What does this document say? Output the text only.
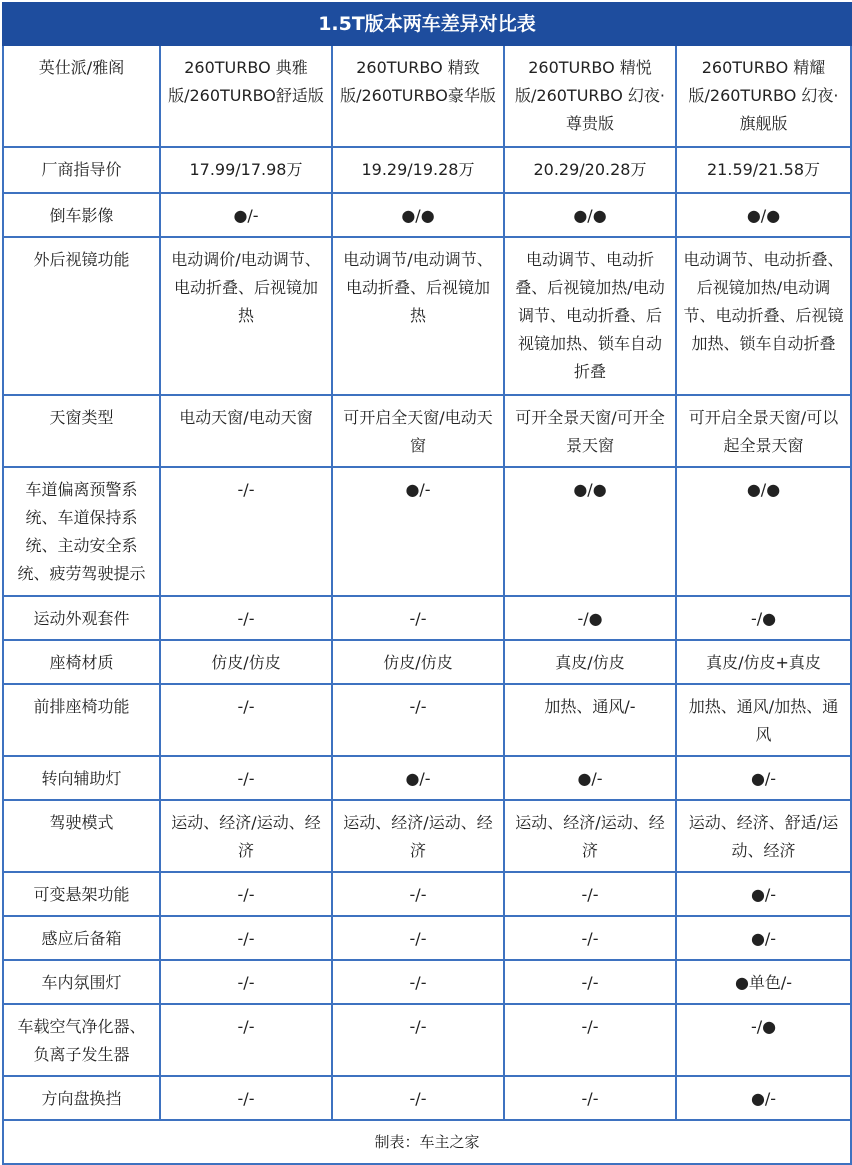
1.5T版本两车差异对比表				
英仕派/雅阁	260TURBO 典雅版/260TURBO舒适版	260TURBO 精致版/260TURBO豪华版	260TURBO 精悦版/260TURBO 幻夜·尊贵版	260TURBO 精耀版/260TURBO 幻夜·旗舰版
厂商指导价	17.99/17.98万	19.29/19.28万	20.29/20.28万	21.59/21.58万
倒车影像	●/-	●/●	●/●	●/●
外后视镜功能	电动调价/电动调节、电动折叠、后视镜加热	电动调节/电动调节、电动折叠、后视镜加热	电动调节、电动折叠、后视镜加热/电动调节、电动折叠、后视镜加热、锁车自动折叠	电动调节、电动折叠、后视镜加热/电动调节、电动折叠、后视镜加热、锁车自动折叠
天窗类型	电动天窗/电动天窗	可开启全天窗/电动天窗	可开全景天窗/可开全景天窗	可开启全景天窗/可以起全景天窗
车道偏离预警系统、车道保持系统、主动安全系统、疲劳驾驶提示	-/-	●/-	●/●	●/●
运动外观套件	-/-	-/-	-/●	-/●
座椅材质	仿皮/仿皮	仿皮/仿皮	真皮/仿皮	真皮/仿皮+真皮
前排座椅功能	-/-	-/-	加热、通风/-	加热、通风/加热、通风
转向辅助灯	-/-	●/-	●/-	●/-
驾驶模式	运动、经济/运动、经济	运动、经济/运动、经济	运动、经济/运动、经济	运动、经济、舒适/运动、经济
可变悬架功能	-/-	-/-	-/-	●/-
感应后备箱	-/-	-/-	-/-	●/-
车内氛围灯	-/-	-/-	-/-	●单色/-
车载空气净化器、负离子发生器	-/-	-/-	-/-	-/●
方向盘换挡	-/-	-/-	-/-	●/-
制表：车主之家				
